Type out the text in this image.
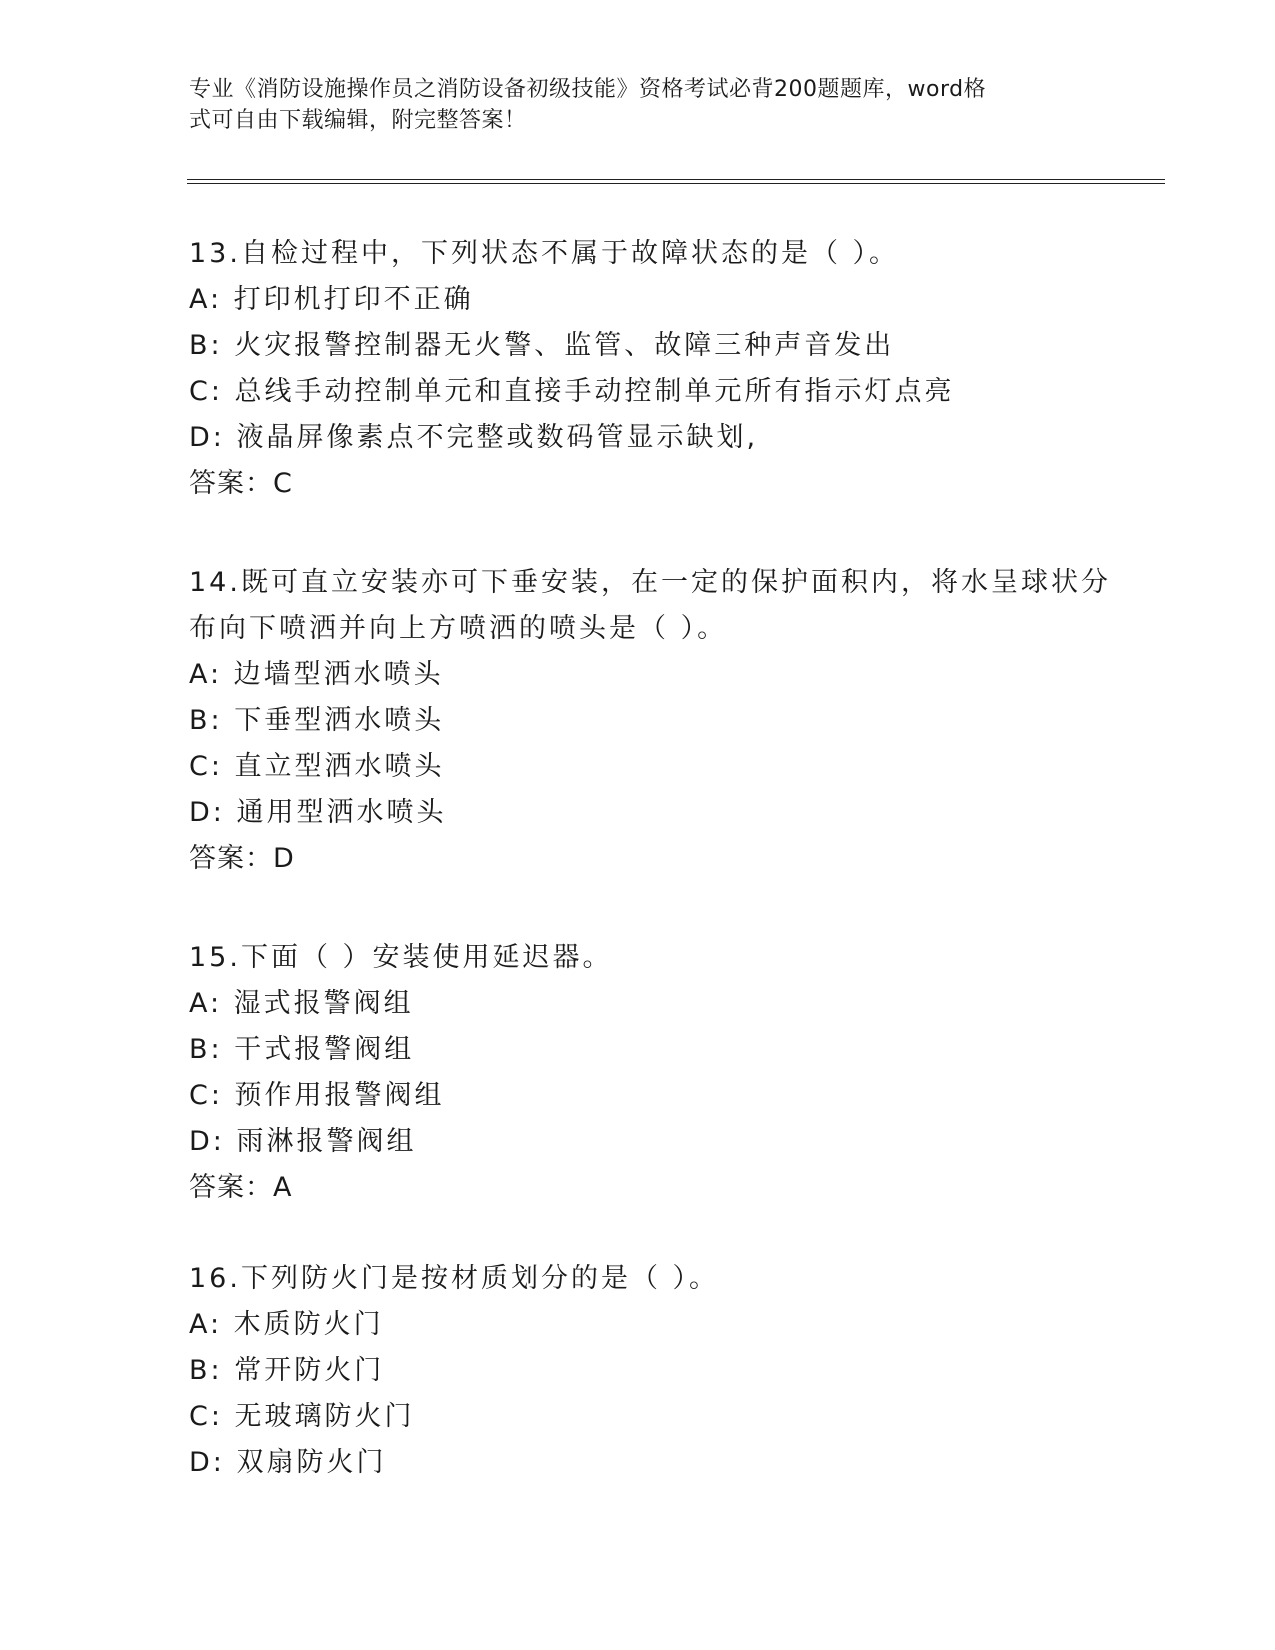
专业《消防设施操作员之消防设备初级技能》资格考试必背200题题库，word格
式可自由下载编辑，附完整答案！
13.自检过程中，下列状态不属于故障状态的是（ ）。
A: 打印机打印不正确
B: 火灾报警控制器无火警、监管、故障三种声音发出
C: 总线手动控制单元和直接手动控制单元所有指示灯点亮
D: 液晶屏像素点不完整或数码管显示缺划,
答案：C
14.既可直立安装亦可下垂安装，在一定的保护面积内，将水呈球状分
布向下喷洒并向上方喷洒的喷头是（ ）。
A: 边墙型洒水喷头
B: 下垂型洒水喷头
C: 直立型洒水喷头
D: 通用型洒水喷头
答案：D
15.下面（ ）安装使用延迟器。
A: 湿式报警阀组
B: 干式报警阀组
C: 预作用报警阀组
D: 雨淋报警阀组
答案：A
16.下列防火门是按材质划分的是（ ）。
A: 木质防火门
B: 常开防火门
C: 无玻璃防火门
D: 双扇防火门
